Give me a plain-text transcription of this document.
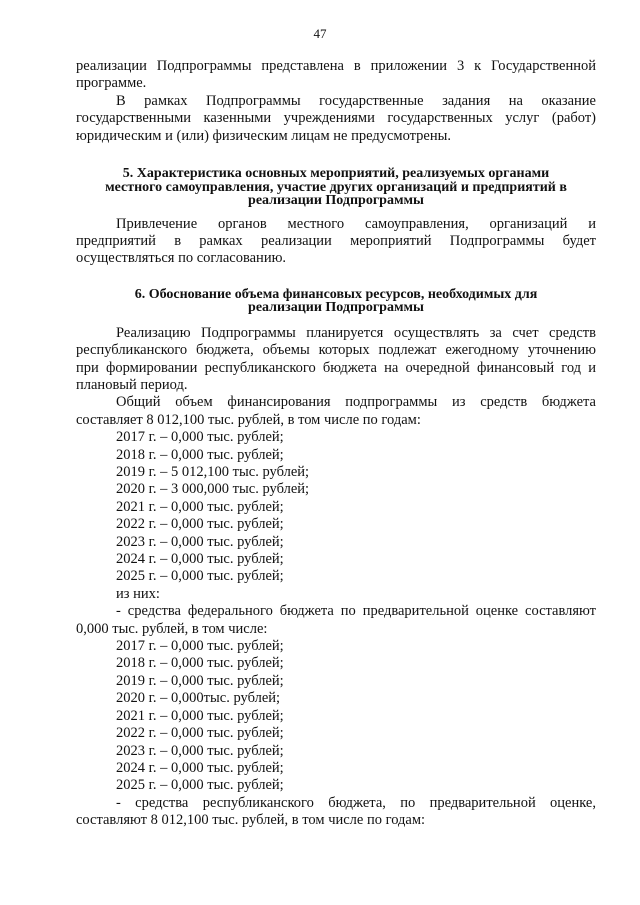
47

реализации Подпрограммы представлена в приложении 3 к Государственной

программе.

В рамках Подпрограммы государственные задания на оказание

государственными казенными учреждениями государственных услуг (работ)

юридическим и (или) физическим лицам не предусмотрены.

5. Характеристика основных мероприятий, реализуемых органами
местного самоуправления, участие других организаций и предприятий в
реализации Подпрограммы

Привлечение органов местного самоуправления, организаций и

предприятий в рамках реализации мероприятий Подпрограммы будет

осуществляться по согласованию.

6. Обоснование объема финансовых ресурсов, необходимых для
реализации Подпрограммы

Реализацию Подпрограммы планируется осуществлять за счет средств

республиканского бюджета, объемы которых подлежат ежегодному уточнению

при формировании республиканского бюджета на очередной финансовый год и

плановый период.

Общий объем финансирования подпрограммы из средств бюджета

составляет 8 012,100 тыс. рублей, в том числе по годам:

2017 г. – 0,000 тыс. рублей;

2018 г. – 0,000 тыс. рублей;

2019 г. – 5 012,100 тыс. рублей;

2020 г. – 3 000,000 тыс. рублей;

2021 г. – 0,000 тыс. рублей;

2022 г. – 0,000 тыс. рублей;

2023 г. – 0,000 тыс. рублей;

2024 г. – 0,000 тыс. рублей;

2025 г. – 0,000 тыс. рублей;

из них:

- средства федерального бюджета по предварительной оценке составляют

0,000 тыс. рублей, в том числе:

2017 г. – 0,000 тыс. рублей;

2018 г. – 0,000 тыс. рублей;

2019 г. – 0,000 тыс. рублей;

2020 г. – 0,000тыс. рублей;

2021 г. – 0,000 тыс. рублей;

2022 г. – 0,000 тыс. рублей;

2023 г. – 0,000 тыс. рублей;

2024 г. – 0,000 тыс. рублей;

2025 г. – 0,000 тыс. рублей;

- средства республиканского бюджета, по предварительной оценке,

составляют 8 012,100 тыс. рублей, в том числе по годам:
